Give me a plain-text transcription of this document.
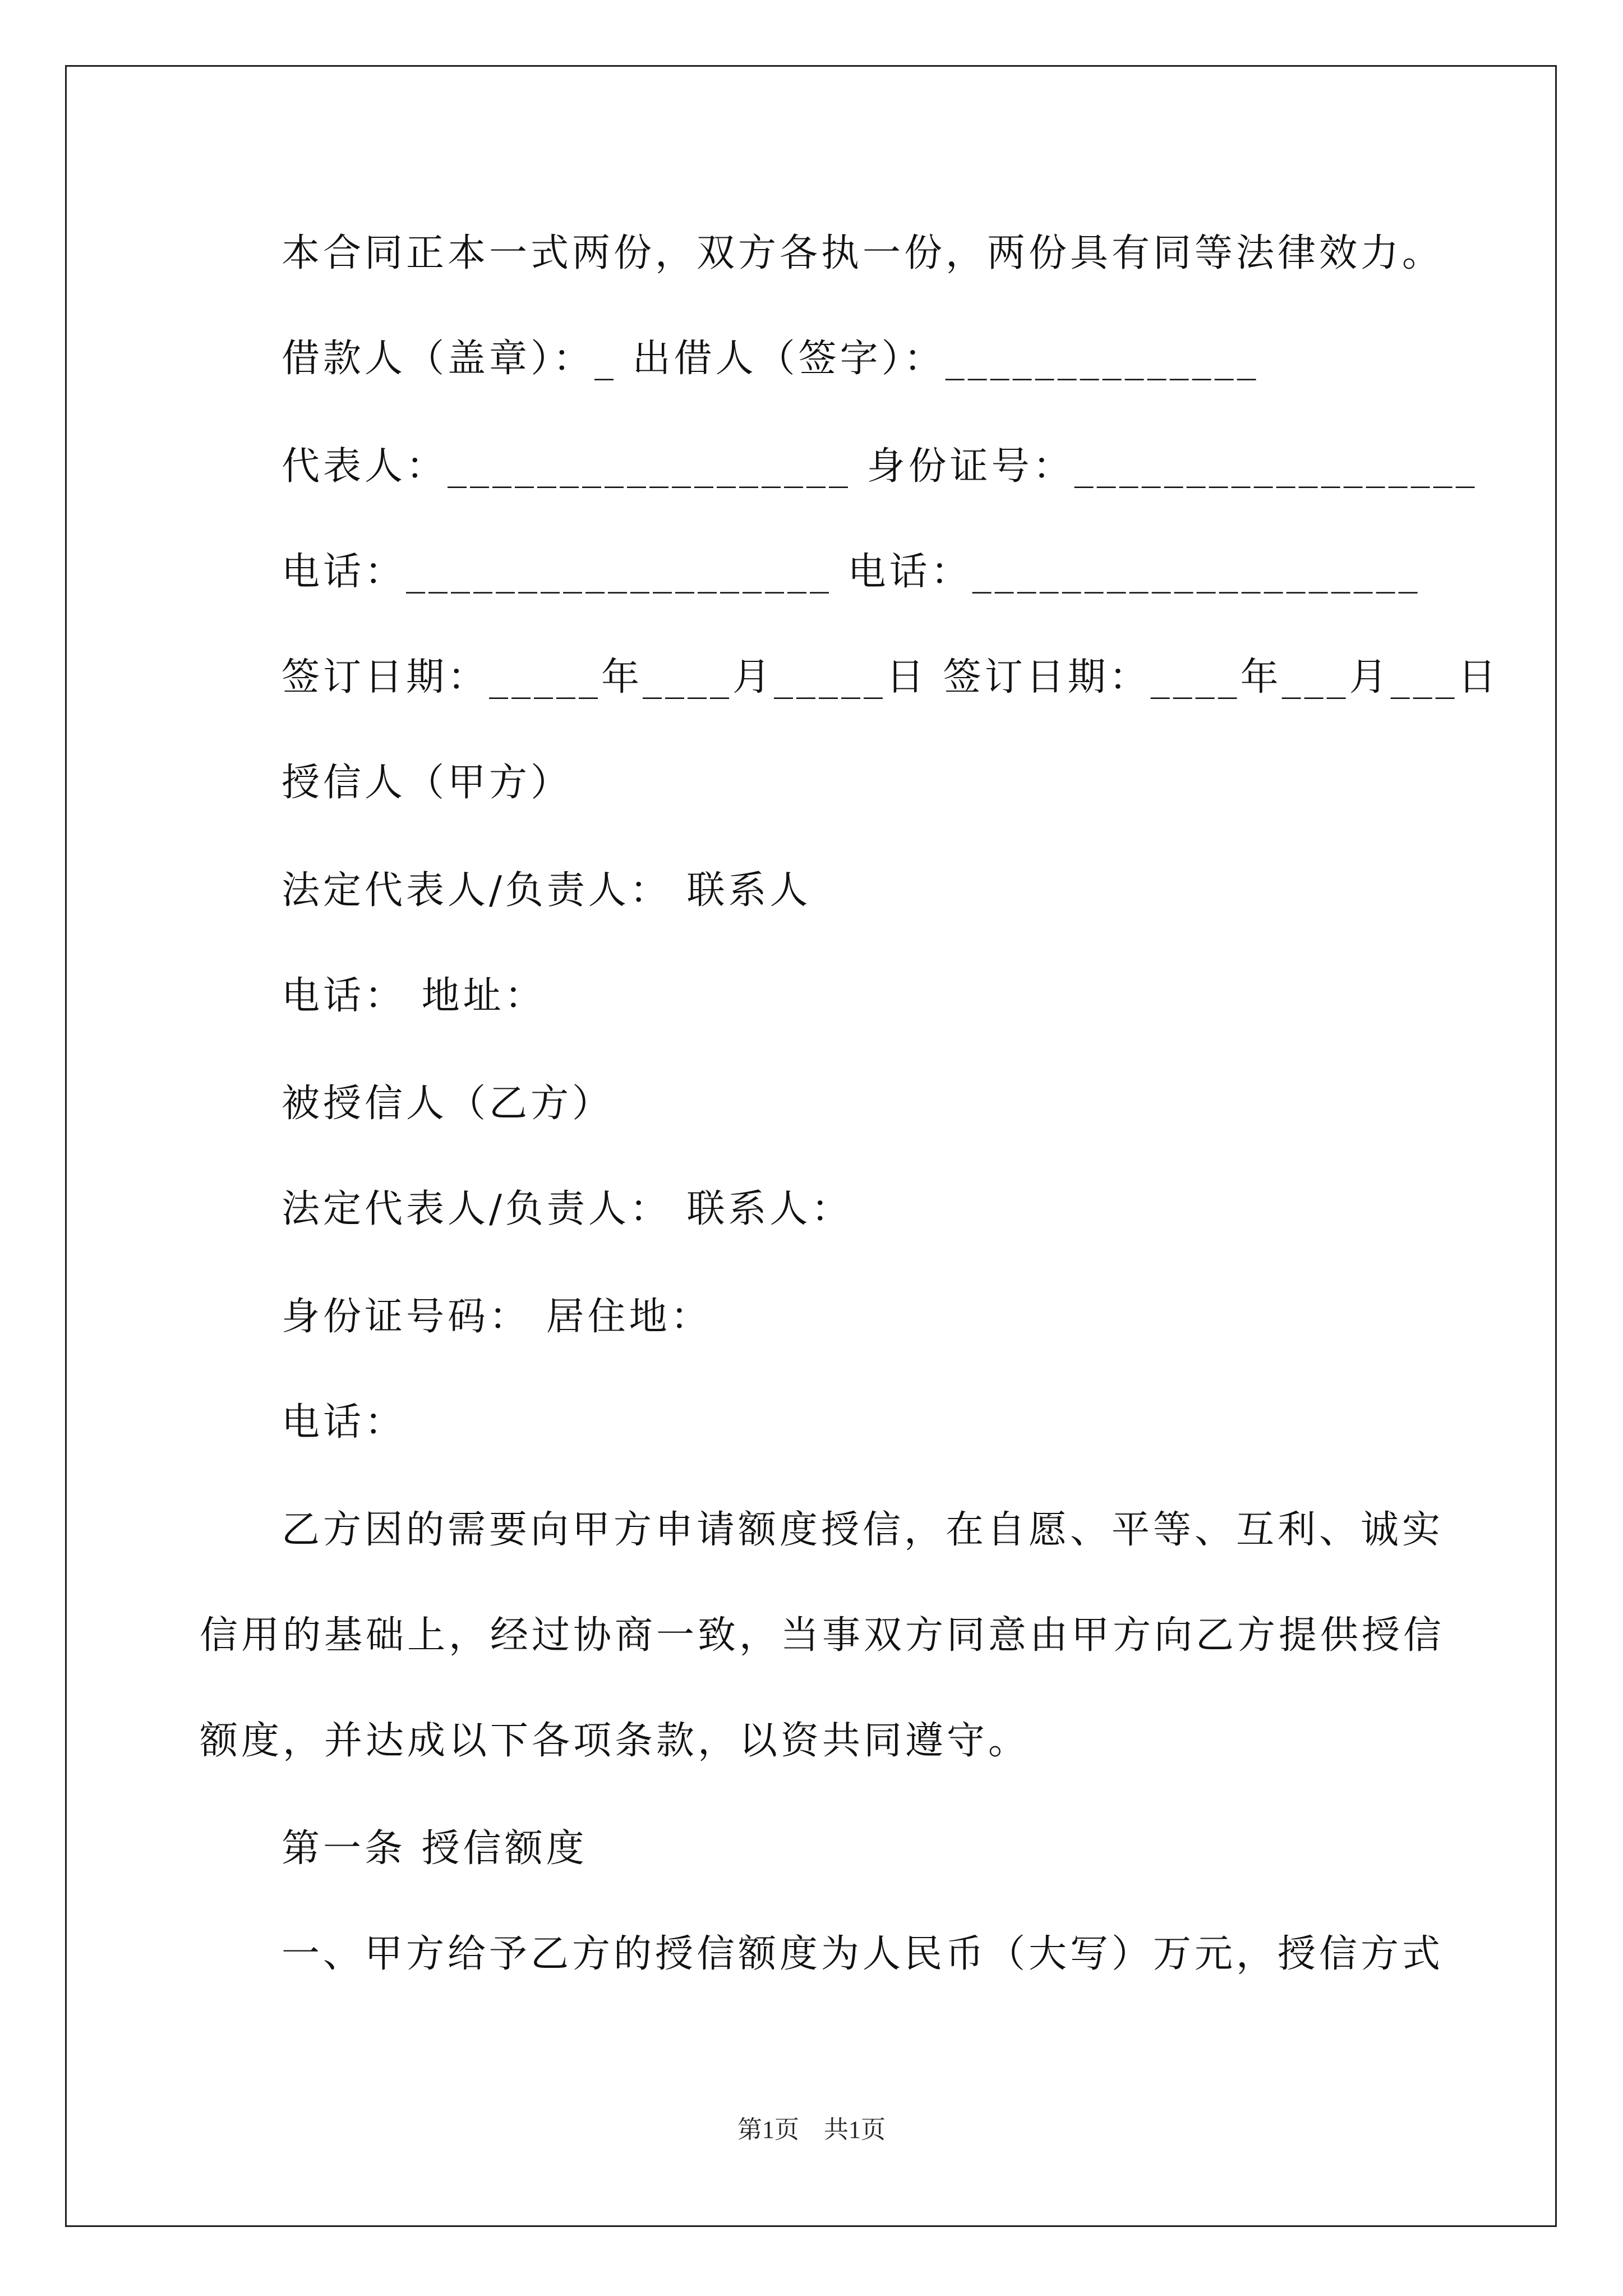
本合同正本一式两份，双方各执一份，两份具有同等法律效力。
借款人（盖章）：_ 出借人（签字）：______________
代表人：__________________ 身份证号：__________________
电话：___________________ 电话：____________________
签订日期：_____年____月_____日 签订日期：____年___月___日
授信人（甲方）
法定代表人/负责人： 联系人
电话： 地址：
被授信人（乙方）
法定代表人/负责人： 联系人：
身份证号码： 居住地：
电话：
乙方因的需要向甲方申请额度授信，在自愿、平等、互利、诚实
信用的基础上，经过协商一致，当事双方同意由甲方向乙方提供授信
额度，并达成以下各项条款，以资共同遵守。
第一条 授信额度
一、甲方给予乙方的授信额度为人民币（大写）万元，授信方式
第1页　共1页
